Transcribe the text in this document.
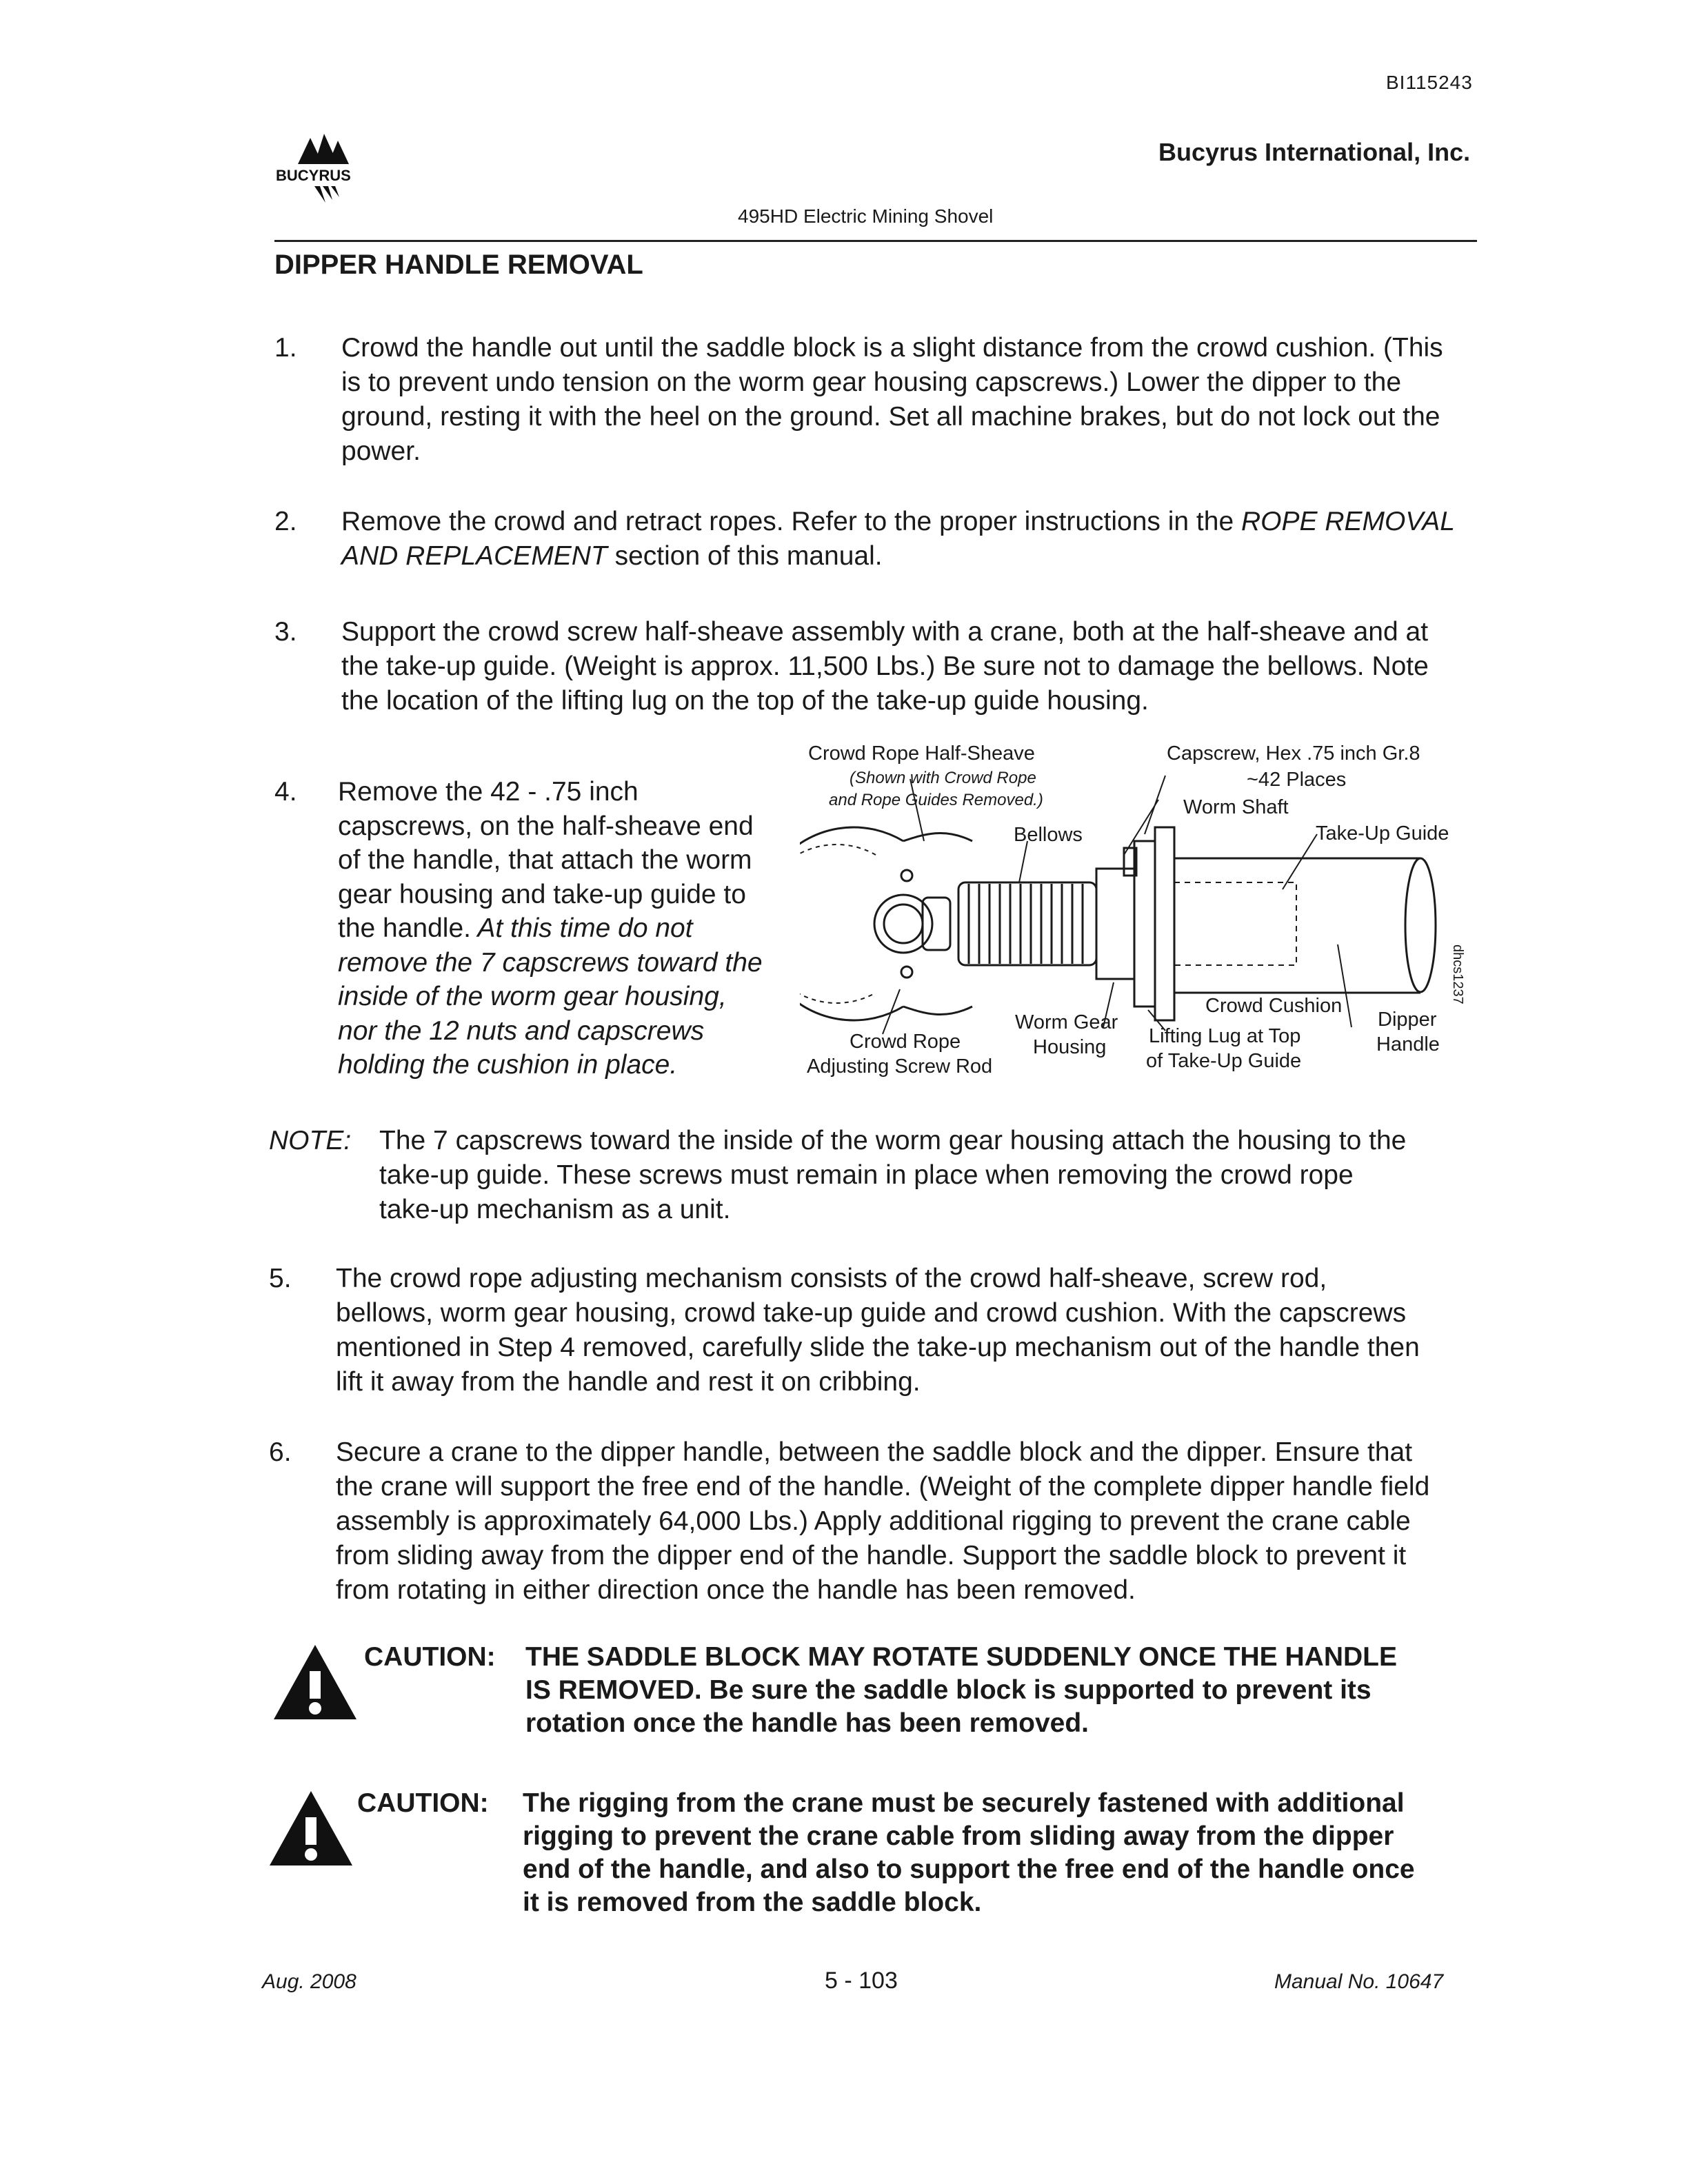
BI115243
BUCYRUS
Bucyrus International, Inc.
495HD Electric Mining Shovel
DIPPER HANDLE REMOVAL
1.	Crowd the handle out until the saddle block is a slight distance from the crowd cushion. (This
is to prevent undo tension on the worm gear housing capscrews.) Lower the dipper to the
ground, resting it with the heel on the ground. Set all machine brakes, but do not lock out the
power.
2.	Remove the crowd and retract ropes. Refer to the proper instructions in the ROPE REMOVAL
AND REPLACEMENT section of this manual.
3.	Support the crowd screw half-sheave assembly with a crane, both at the half-sheave and at
the take-up guide. (Weight is approx. 11,500 Lbs.) Be sure not to damage the bellows. Note
the location of the lifting lug on the top of the take-up guide housing.
4. Remove the 42 - .75 inch
capscrews, on the half-sheave end
of the handle, that attach the worm
gear housing and take-up guide to
the handle. At this time do not
remove the 7 capscrews toward the
inside of the worm gear housing,
nor the 12 nuts and capscrews
holding the cushion in place.
Crowd Rope Half-Sheave
(Shown with Crowd Rope
and Rope Guides Removed.)
Capscrew, Hex .75 inch Gr.8
~42 Places
Worm Shaft
Bellows	Take-Up Guide
Crowd Cushion
Dipper
Handle
Worm Gear
Housing Lifting Lug at Top
of Take-Up Guide
Crowd Rope
Adjusting Screw Rod
dhcs1237
NOTE: The 7 capscrews toward the inside of the worm gear housing attach the housing to the
take-up guide. These screws must remain in place when removing the crowd rope
take-up mechanism as a unit.
5.	The crowd rope adjusting mechanism consists of the crowd half-sheave, screw rod,
bellows, worm gear housing, crowd take-up guide and crowd cushion. With the capscrews
mentioned in Step 4 removed, carefully slide the take-up mechanism out of the handle then
lift it away from the handle and rest it on cribbing.
6.	Secure a crane to the dipper handle, between the saddle block and the dipper. Ensure that
the crane will support the free end of the handle. (Weight of the complete dipper handle field
assembly is approximately 64,000 Lbs.) Apply additional rigging to prevent the crane cable
from sliding away from the dipper end of the handle. Support the saddle block to prevent it
from rotating in either direction once the handle has been removed.
CAUTION: THE SADDLE BLOCK MAY ROTATE SUDDENLY ONCE THE HANDLE
IS REMOVED. Be sure the saddle block is supported to prevent its
rotation once the handle has been removed.
CAUTION: The rigging from the crane must be securely fastened with additional
rigging to prevent the crane cable from sliding away from the dipper
end of the handle, and also to support the free end of the handle once
it is removed from the saddle block.
Aug. 2008	5 - 103	Manual No. 10647
